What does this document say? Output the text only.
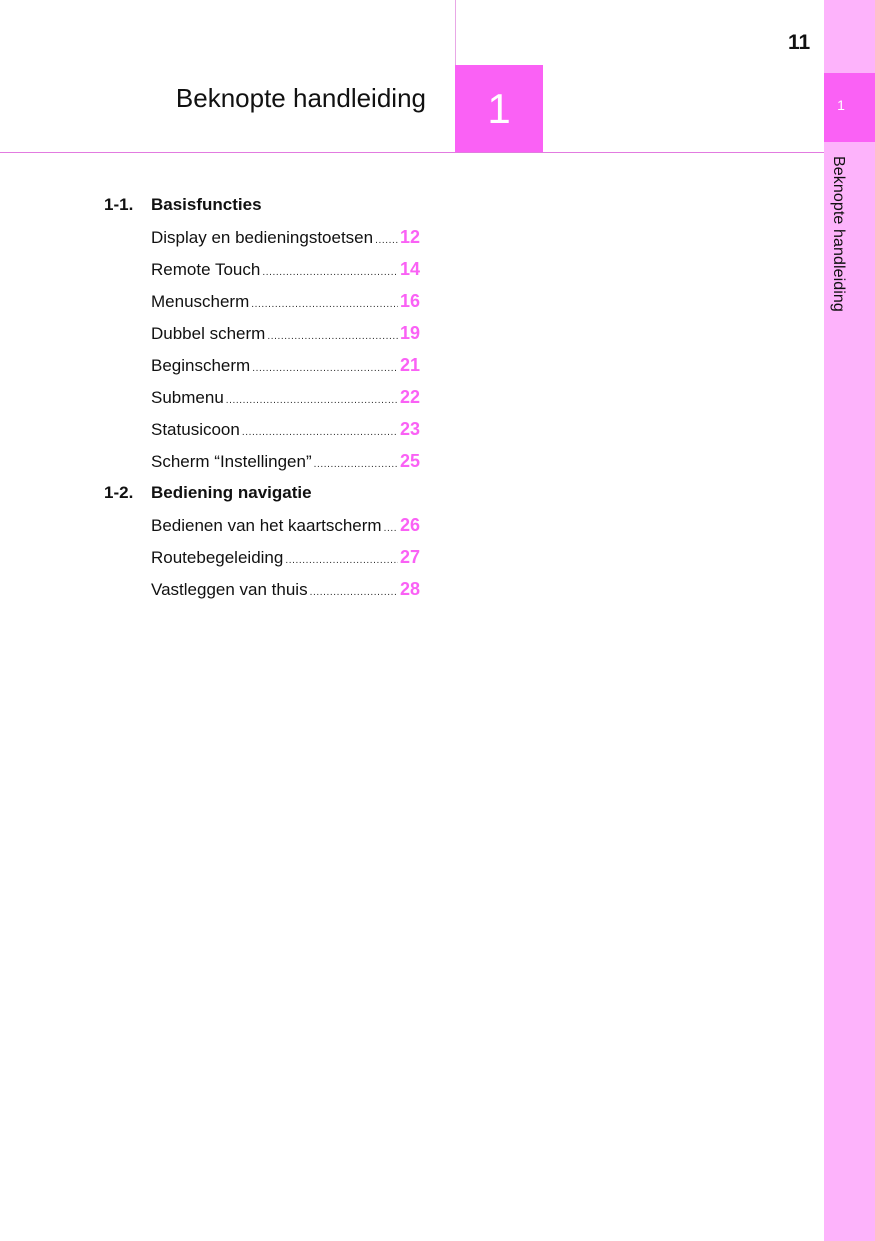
1
Beknopte handleiding
11
1
Beknopte handleiding
1-1. Basisfuncties
Display en bedieningstoetsen ..... 12
Remote Touch .....	14
Menuscherm .....	16
Dubbel scherm .....	19
Beginscherm .....	21
Submenu .....	22
Statusicoon .....	23
Scherm “Instellingen” .....	25
1-2. Bediening navigatie
Bedienen van het kaartscherm ..... 26
Routebegeleiding .....	27
Vastleggen van thuis .....	28
